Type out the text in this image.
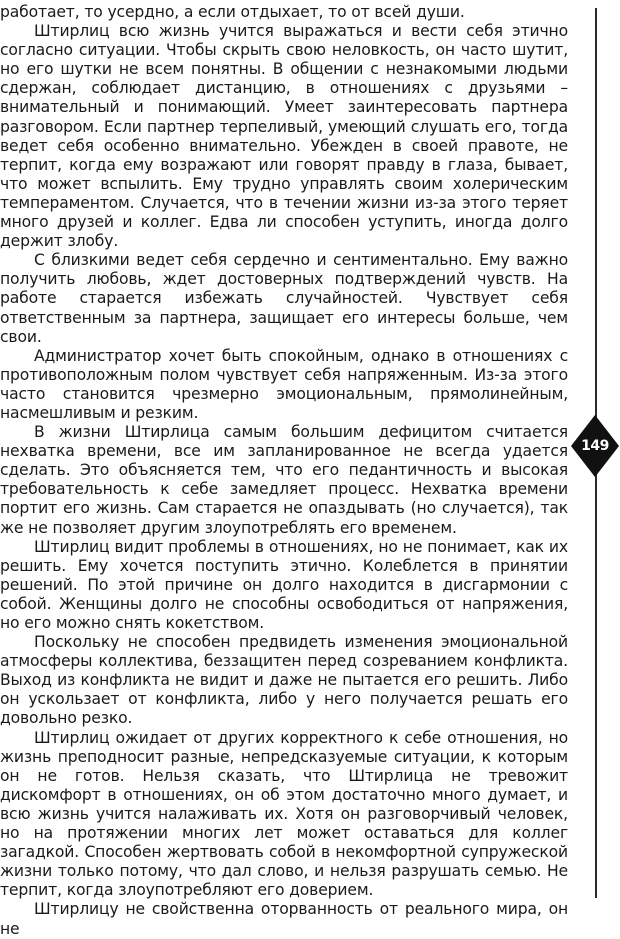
работает, то усердно, а если отдыхает, то от всей души.

Штирлиц всю жизнь учится выражаться и вести себя этично согласно ситуации. Чтобы скрыть свою неловкость, он часто шутит, но его шутки не всем понятны. В общении с незнакомыми людьми сдержан, соблюдает дистанцию, в отношениях с друзьями – внимательный и понимающий. Умеет заинтересовать партнера разговором. Если партнер терпеливый, умеющий слушать его, тогда ведет себя особенно внимательно. Убежден в своей правоте, не терпит, когда ему возражают или говорят правду в глаза, бывает, что может вспылить. Ему трудно управлять своим холерическим темпераментом. Случается, что в течении жизни из-за этого теряет много друзей и коллег. Едва ли способен уступить, иногда долго держит злобу.

С близкими ведет себя сердечно и сентиментально. Ему важно получить любовь, ждет достоверных подтверждений чувств. На работе старается избежать случайностей. Чувствует себя ответственным за партнера, защищает его интересы больше, чем свои.

Администратор хочет быть спокойным, однако в отношениях с противоположным полом чувствует себя напряженным. Из-за этого часто становится чрезмерно эмоциональным, прямолинейным, насмешливым и резким.

В жизни Штирлица самым большим дефицитом считается нехватка времени, все им запланированное не всегда удается сделать. Это объясняется тем, что его педантичность и высокая требовательность к себе замедляет процесс. Нехватка времени портит его жизнь. Сам старается не опаздывать (но случается), так же не позволяет другим злоупотреблять его временем.

Штирлиц видит проблемы в отношениях, но не понимает, как их решить. Ему хочется поступить этично. Колеблется в принятии решений. По этой причине он долго находится в дисгармонии с собой. Женщины долго не способны освободиться от напряжения, но его можно снять кокетством.

Поскольку не способен предвидеть изменения эмоциональной атмосферы коллектива, беззащитен перед созреванием конфликта. Выход из конфликта не видит и даже не пытается его решить. Либо он ускользает от конфликта, либо у него получается решать его довольно резко.

Штирлиц ожидает от других корректного к себе отношения, но жизнь преподносит разные, непредсказуемые ситуации, к которым он не готов. Нельзя сказать, что Штирлица не тревожит дискомфорт в отношениях, он об этом достаточно много думает, и всю жизнь учится налаживать их. Хотя он разговорчивый человек, но на протяжении многих лет может оставаться для коллег загадкой. Способен жертвовать собой в некомфортной супружеской жизни только потому, что дал слово, и нельзя разрушать семью. Не терпит, когда злоупотребляют его доверием.

Штирлицу не свойственна оторванность от реального мира, он не

149
